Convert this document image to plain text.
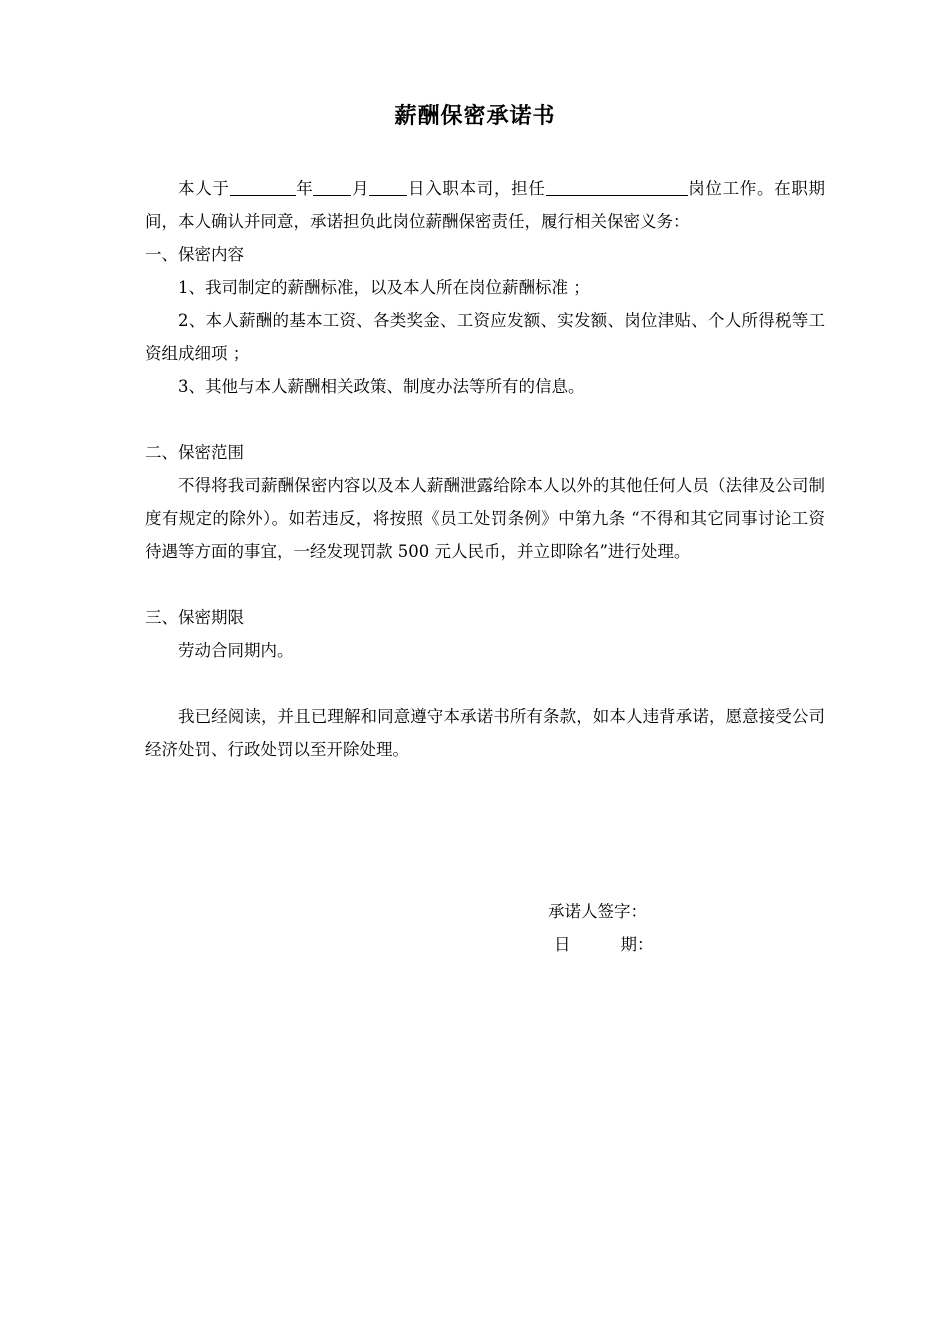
薪酬保密承诺书

本人于	年 月 日入职本司，担任	岗位工作。在职期间，本人确认并同意，承诺担负此岗位薪酬保密责任，履行相关保密义务：

一、保密内容

1、我司制定的薪酬标准，以及本人所在岗位薪酬标准 ；

2、本人薪酬的基本工资、各类奖金、工资应发额、实发额、岗位津贴、个人所得税等工资组成细项 ；

3、其他与本人薪酬相关政策、制度办法等所有的信息。

二、保密范围

不得将我司薪酬保密内容以及本人薪酬泄露给除本人以外的其他任何人员（法律及公司制度有规定的除外）。如若违反，将按照《员工处罚条例》中第九条 “不得和其它同事讨论工资待遇等方面的事宜，一经发现罚款 500 元人民币，并立即除名”进行处理。

三、保密期限

劳动合同期内。

我已经阅读，并且已理解和同意遵守本承诺书所有条款，如本人违背承诺，愿意接受公司经济处罚、行政处罚以至开除处理。

承诺人签字：
日	期：
